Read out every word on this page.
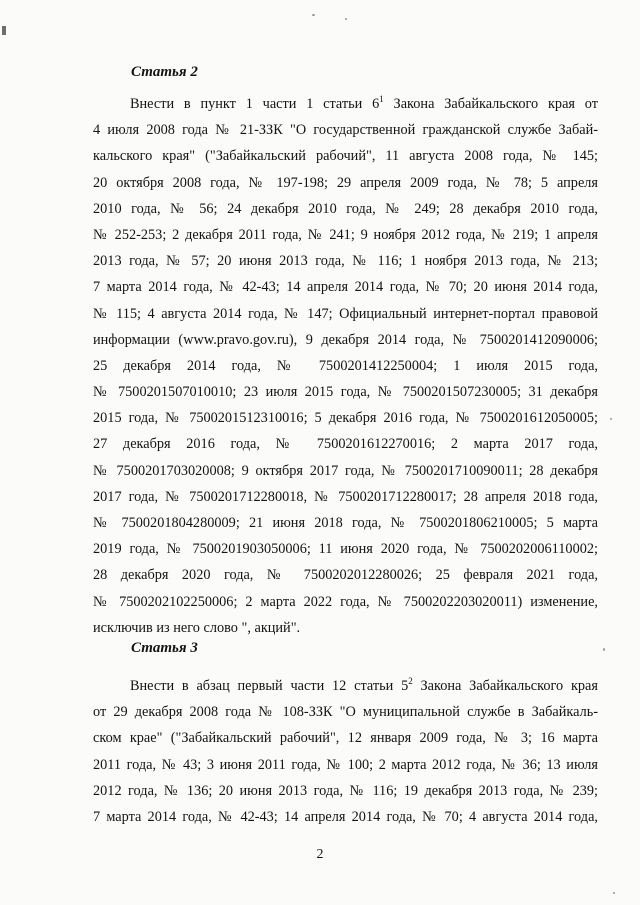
Статья 2
Внести в пункт 1 части 1 статьи $6^1$ Закона Забайкальского края от
4 июля 2008 года № 21-ЗЗК "О государственной гражданской службе Забай-
кальского края" ("Забайкальский рабочий", 11 августа 2008 года, № 145;
20 октября 2008 года, № 197-198; 29 апреля 2009 года, № 78; 5 апреля
2010 года, № 56; 24 декабря 2010 года, № 249; 28 декабря 2010 года,
№ 252-253; 2 декабря 2011 года, № 241; 9 ноября 2012 года, № 219; 1 апреля
2013 года, № 57; 20 июня 2013 года, № 116; 1 ноября 2013 года, № 213;
7 марта 2014 года, № 42-43; 14 апреля 2014 года, № 70; 20 июня 2014 года,
№ 115; 4 августа 2014 года, № 147; Официальный интернет-портал правовой
информации (www.pravo.gov.ru), 9 декабря 2014 года, № 7500201412090006;
25 декабря 2014 года, № 7500201412250004; 1 июля 2015 года,
№ 7500201507010010; 23 июля 2015 года, № 7500201507230005; 31 декабря
2015 года, № 7500201512310016; 5 декабря 2016 года, № 7500201612050005;
27 декабря 2016 года, № 7500201612270016; 2 марта 2017 года,
№ 7500201703020008; 9 октября 2017 года, № 7500201710090011; 28 декабря
2017 года, № 7500201712280018, № 7500201712280017; 28 апреля 2018 года,
№ 7500201804280009; 21 июня 2018 года, № 7500201806210005; 5 марта
2019 года, № 7500201903050006; 11 июня 2020 года, № 7500202006110002;
28 декабря 2020 года, № 7500202012280026; 25 февраля 2021 года,
№ 7500202102250006; 2 марта 2022 года, № 7500202203020011) изменение,
исключив из него слово ", акций".
Статья 3
Внести в абзац первый части 12 статьи $5^2$ Закона Забайкальского края
от 29 декабря 2008 года № 108-ЗЗК "О муниципальной службе в Забайкаль-
ском крае" ("Забайкальский рабочий", 12 января 2009 года, № 3; 16 марта
2011 года, № 43; 3 июня 2011 года, № 100; 2 марта 2012 года, № 36; 13 июля
2012 года, № 136; 20 июня 2013 года, № 116; 19 декабря 2013 года, № 239;
7 марта 2014 года, № 42-43; 14 апреля 2014 года, № 70; 4 августа 2014 года,
2
